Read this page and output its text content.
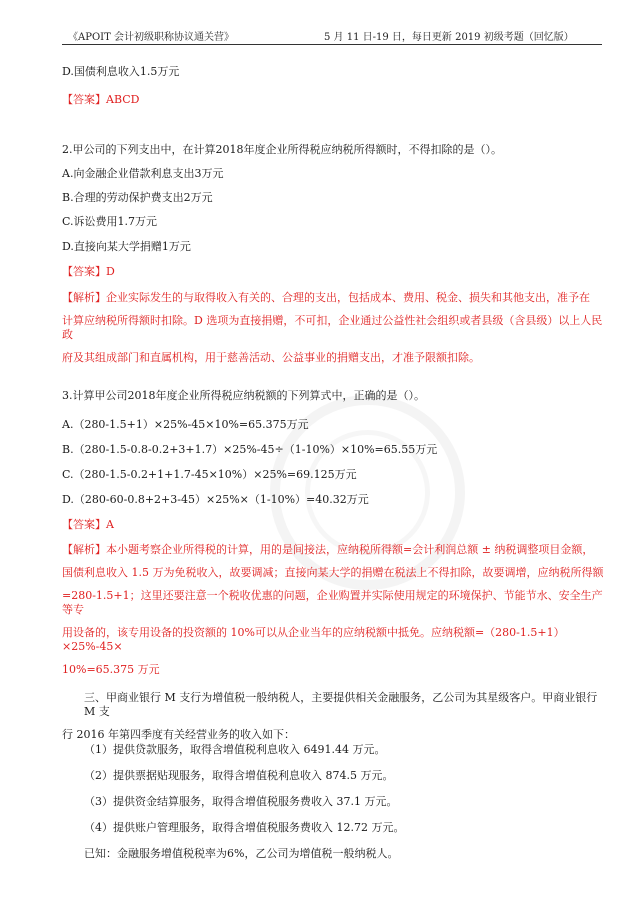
《APOIT 会计初级职称协议通关营》	5 月 11 日-19 日，每日更新 2019 初级考题（回忆版）
D.国债利息收入1.5万元
【答案】ABCD
2.甲公司的下列支出中，在计算2018年度企业所得税应纳税所得额时，不得扣除的是（）。
A.向金融企业借款利息支出3万元
B.合理的劳动保护费支出2万元
C.诉讼费用1.7万元
D.直接向某大学捐赠1万元
【答案】D
【解析】企业实际发生的与取得收入有关的、合理的支出，包括成本、费用、税金、损失和其他支出，准予在
计算应纳税所得额时扣除。D 选项为直接捐赠，不可扣，企业通过公益性社会组织或者县级（含县级）以上人民政
府及其组成部门和直属机构，用于慈善活动、公益事业的捐赠支出，才准予限额扣除。
3.计算甲公司2018年度企业所得税应纳税额的下列算式中，正确的是（）。
A.（280-1.5+1）×25%-45×10%=65.375万元
B.（280-1.5-0.8-0.2+3+1.7）×25%-45÷（1-10%）×10%=65.55万元
C.（280-1.5-0.2+1+1.7-45×10%）×25%=69.125万元
D.（280-60-0.8+2+3-45）×25%×（1-10%）=40.32万元
【答案】A
【解析】本小题考察企业所得税的计算，用的是间接法，应纳税所得额=会计利润总额 ± 纳税调整项目金额，
国债利息收入 1.5 万为免税收入，故要调减；直接向某大学的捐赠在税法上不得扣除，故要调增，应纳税所得额
=280-1.5+1；这里还要注意一个税收优惠的问题，企业购置并实际使用规定的环境保护、节能节水、安全生产等专
用设备的，该专用设备的投资额的 10%可以从企业当年的应纳税额中抵免。应纳税额=（280-1.5+1）×25%-45×
10%=65.375 万元
三、甲商业银行 M 支行为增值税一般纳税人，主要提供相关金融服务，乙公司为其星级客户。甲商业银行 M 支
行 2016 年第四季度有关经营业务的收入如下：
（1）提供贷款服务，取得含增值税利息收入 6491.44 万元。
（2）提供票据贴现服务，取得含增值税利息收入 874.5 万元。
（3）提供资金结算服务，取得含增值税服务费收入 37.1 万元。
（4）提供账户管理服务，取得含增值税服务费收入 12.72 万元。
已知：金融服务增值税税率为6%，乙公司为增值税一般纳税人。
